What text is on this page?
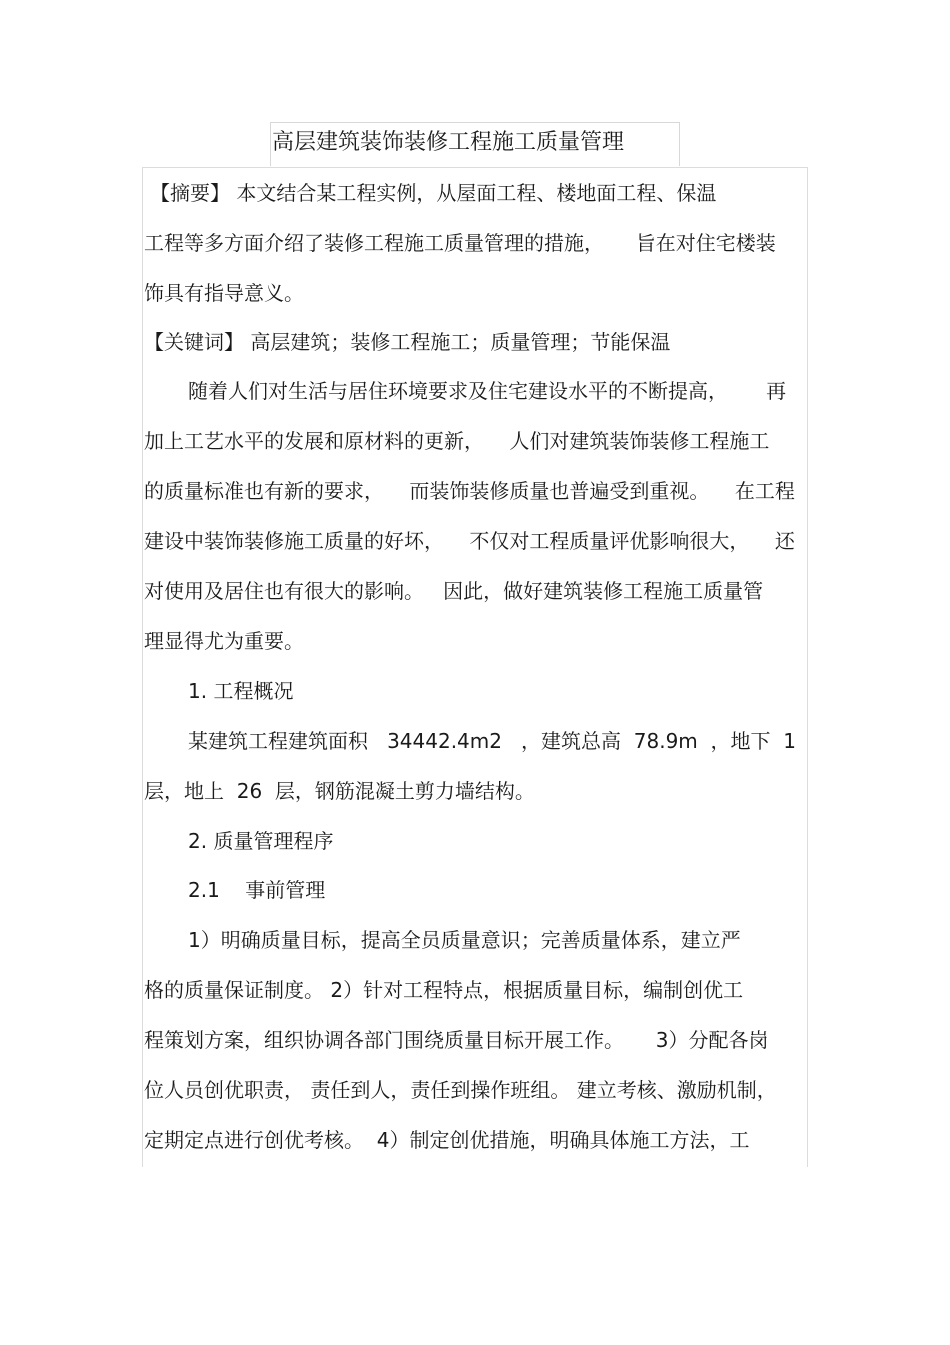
高层建筑装饰装修工程施工质量管理
【摘要】 本文结合某工程实例，从屋面工程、楼地面工程、保温
工程等多方面介绍了装修工程施工质量管理的措施，     旨在对住宅楼装
饰具有指导意义。
【关键词】 高层建筑；装修工程施工；质量管理；节能保温
随着人们对生活与居住环境要求及住宅建设水平的不断提高，      再
加上工艺水平的发展和原材料的更新，    人们对建筑装饰装修工程施工
的质量标准也有新的要求，    而装饰装修质量也普遍受到重视。    在工程
建设中装饰装修施工质量的好坏，    不仅对工程质量评优影响很大，    还
对使用及居住也有很大的影响。   因此，做好建筑装修工程施工质量管
理显得尤为重要。
1. 工程概况
某建筑工程建筑面积   34442.4m2   ，建筑总高  78.9m  ，地下  1
层，地上  26  层，钢筋混凝土剪力墙结构。
2. 质量管理程序
2.1    事前管理
1）明确质量目标，提高全员质量意识；完善质量体系，建立严
格的质量保证制度。 2）针对工程特点，根据质量目标，编制创优工
程策划方案，组织协调各部门围绕质量目标开展工作。     3）分配各岗
位人员创优职责， 责任到人，责任到操作班组。 建立考核、激励机制，
定期定点进行创优考核。  4）制定创优措施，明确具体施工方法，工
